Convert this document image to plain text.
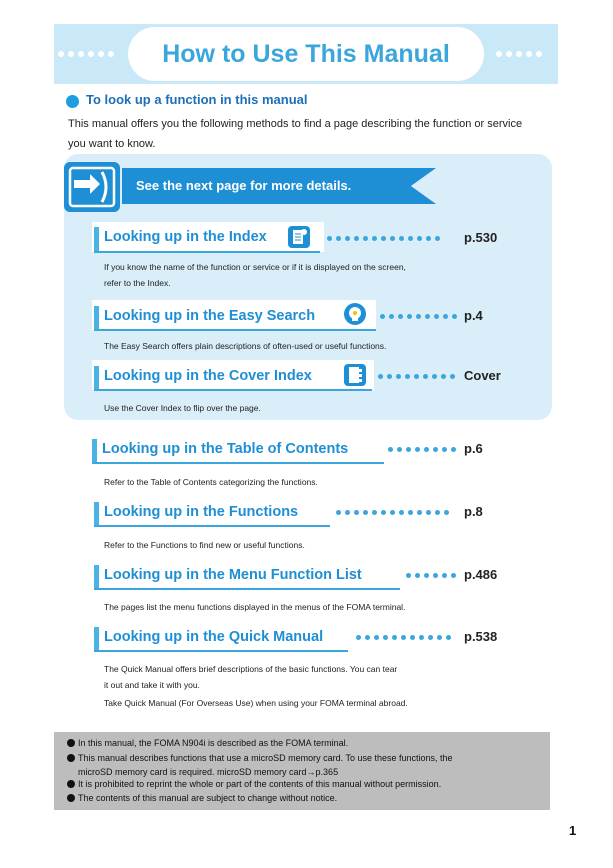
How to Use This Manual
To look up a function in this manual
This manual offers you the following methods to find a page describing the function or service
you want to know.
See the next page for more details.
Looking up in the Index	p.530
If you know the name of the function or service or if it is displayed on the screen,
refer to the Index.
Looking up in the Easy Search	p.4
The Easy Search offers plain descriptions of often-used or useful functions.
Looking up in the Cover Index	Cover
Use the Cover Index to flip over the page.
Looking up in the Table of Contents	p.6
Refer to the Table of Contents categorizing the functions.
Looking up in the Functions	p.8
Refer to the Functions to find new or useful functions.
Looking up in the Menu Function List	p.486
The pages list the menu functions displayed in the menus of the FOMA terminal.
Looking up in the Quick Manual	p.538
The Quick Manual offers brief descriptions of the basic functions. You can tear
it out and take it with you.
Take Quick Manual (For Overseas Use) when using your FOMA terminal abroad.
In this manual, the FOMA N904i is described as the FOMA terminal.
This manual describes functions that use a microSD memory card. To use these functions, the
microSD memory card is required. microSD memory card→p.365
It is prohibited to reprint the whole or part of the contents of this manual without permission.
The contents of this manual are subject to change without notice.
1
